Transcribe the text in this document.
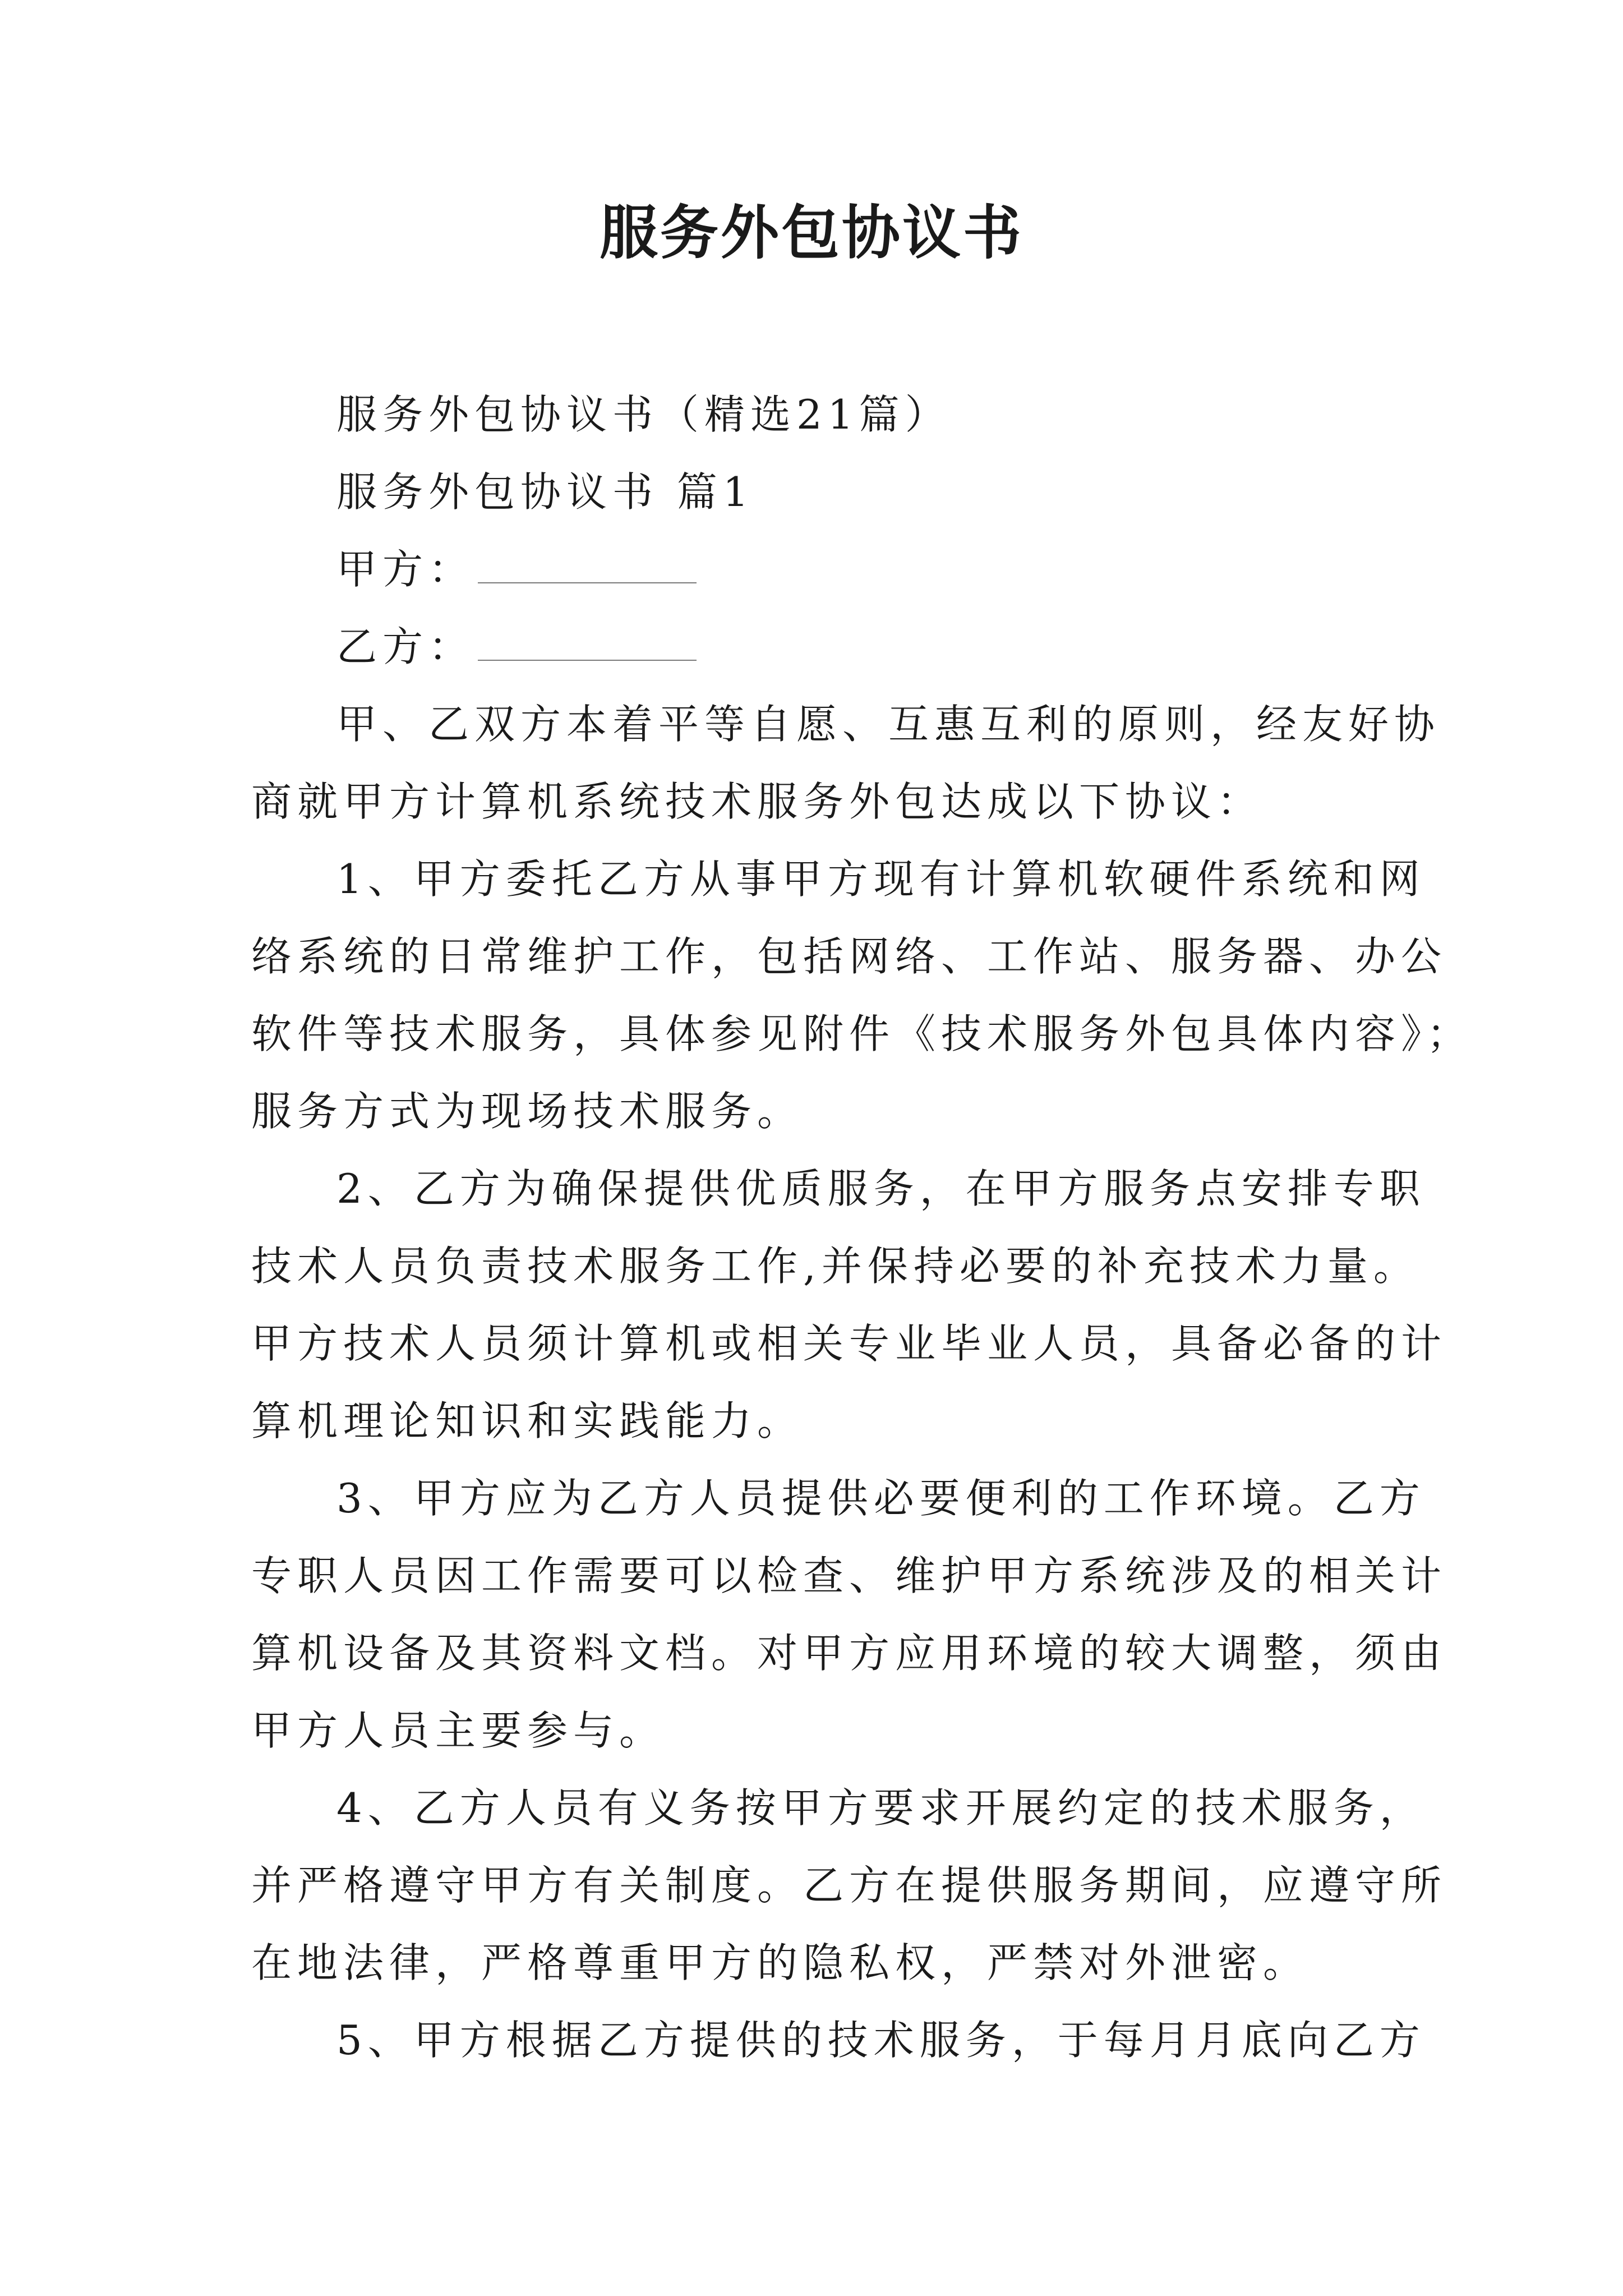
服务外包协议书
服务外包协议书（精选21篇）
服务外包协议书 篇1
甲方：
乙方：
甲、乙双方本着平等自愿、互惠互利的原则，经友好协
商就甲方计算机系统技术服务外包达成以下协议：
1、甲方委托乙方从事甲方现有计算机软硬件系统和网
络系统的日常维护工作，包括网络、工作站、服务器、办公
软件等技术服务，具体参见附件《技术服务外包具体内容》；
服务方式为现场技术服务。
2、乙方为确保提供优质服务，在甲方服务点安排专职
技术人员负责技术服务工作,并保持必要的补充技术力量。
甲方技术人员须计算机或相关专业毕业人员，具备必备的计
算机理论知识和实践能力。
3、甲方应为乙方人员提供必要便利的工作环境。乙方
专职人员因工作需要可以检查、维护甲方系统涉及的相关计
算机设备及其资料文档。对甲方应用环境的较大调整，须由
甲方人员主要参与。
4、乙方人员有义务按甲方要求开展约定的技术服务，
并严格遵守甲方有关制度。乙方在提供服务期间，应遵守所
在地法律，严格尊重甲方的隐私权，严禁对外泄密。
5、甲方根据乙方提供的技术服务，于每月月底向乙方
